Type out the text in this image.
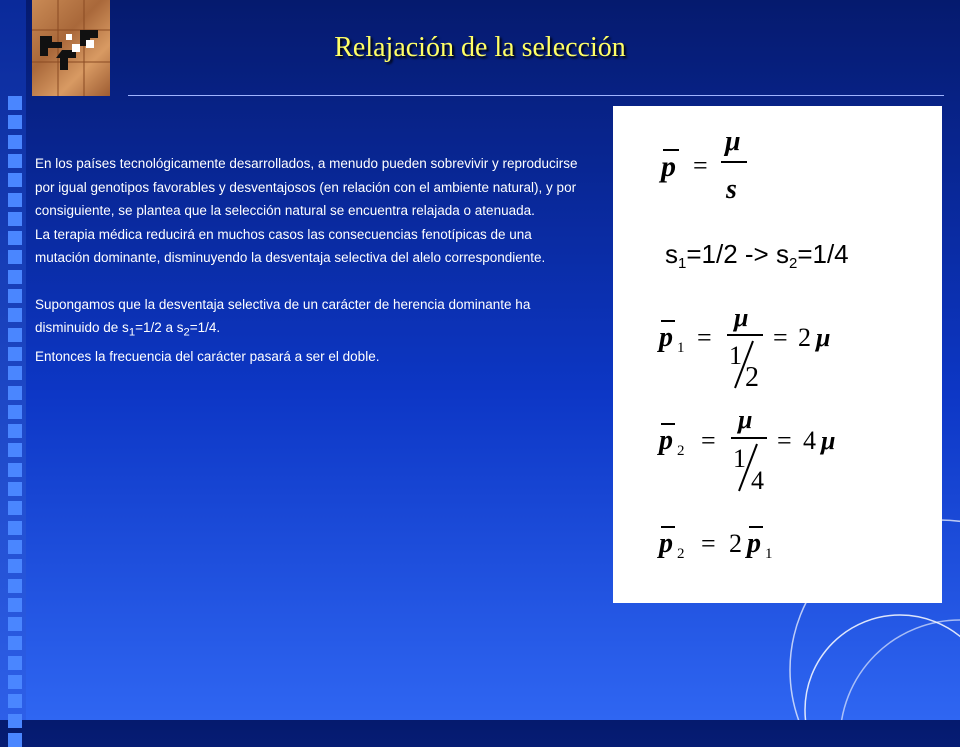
Relajación de la selección

En los países tecnológicamente desarrollados, a menudo pueden sobrevivir y reproducirse por igual genotipos favorables y desventajosos (en relación con el ambiente natural), y por consiguiente, se plantea que la selección natural se encuentra relajada o atenuada.

La terapia médica reducirá en muchos casos las consecuencias fenotípicas de una mutación dominante, disminuyendo la desventaja selectiva del alelo correspondiente.

Supongamos que la desventaja selectiva de un carácter de herencia dominante ha disminuido de $s_1=1/2$ a $s_2=1/4$.

Entonces la frecuencia del carácter pasará a ser el doble.

p =
μ
s
s1=1/2 -> s2=1/4
p 1 =
μ
1
2
= 2 μ
p 2 =
μ
1
4
= 4 μ
p 2 = 2 p 1
